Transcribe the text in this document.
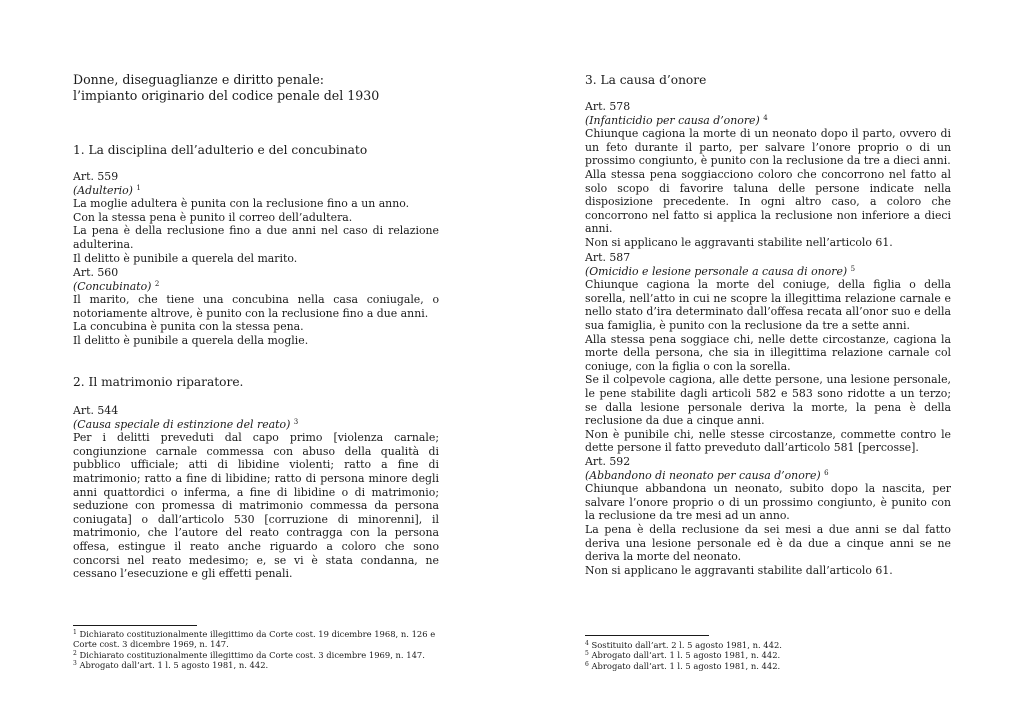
Donne, diseguaglianze e diritto penale:
l’impianto originario del codice penale del 1930
1. La disciplina dell’adulterio e del concubinato
Art. 559
(Adulterio) $^1$

La moglie adultera è punita con la reclusione fino a un anno.

Con la stessa pena è punito il correo dell’adultera.

La pena è della reclusione fino a due anni nel caso di relazione adulterina.

Il delitto è punibile a querela del marito.

Art. 560
(Concubinato) $^2$

Il marito, che tiene una concubina nella casa coniugale, o notoriamente altrove, è punito con la reclusione fino a due anni.

La concubina è punita con la stessa pena.

Il delitto è punibile a querela della moglie.

2. Il matrimonio riparatore.
Art. 544
(Causa speciale di estinzione del reato) $^3$

Per i delitti preveduti dal capo primo [violenza carnale; congiunzione carnale commessa con abuso della qualità di pubblico ufficiale; atti di libidine violenti; ratto a fine di matrimonio; ratto a fine di libidine; ratto di persona minore degli anni quattordici o inferma, a fine di libidine o di matrimonio; seduzione con promessa di matrimonio commessa da persona coniugata] o dall’articolo 530 [corruzione di minorenni], il matrimonio, che l’autore del reato contragga con la persona offesa, estingue il reato anche riguardo a coloro che sono concorsi nel reato medesimo; e, se vi è stata condanna, ne cessano l’esecuzione e gli effetti penali.

$^1$ Dichiarato costituzionalmente illegittimo da Corte cost. 19 dicembre 1968, n. 126 e Corte cost. 3 dicembre 1969, n. 147.

$^2$ Dichiarato costituzionalmente illegittimo da Corte cost. 3 dicembre 1969, n. 147.

$^3$ Abrogato dall’art. 1 l. 5 agosto 1981, n. 442.

3. La causa d’onore
Art. 578
(Infanticidio per causa d’onore) $^4$

Chiunque cagiona la morte di un neonato dopo il parto, ovvero di un feto durante il parto, per salvare l’onore proprio o di un prossimo congiunto, è punito con la reclusione da tre a dieci anni.

Alla stessa pena soggiacciono coloro che concorrono nel fatto al solo scopo di favorire taluna delle persone indicate nella disposizione precedente. In ogni altro caso, a coloro che concorrono nel fatto si applica la reclusione non inferiore a dieci anni.

Non si applicano le aggravanti stabilite nell’articolo 61.

Art. 587
(Omicidio e lesione personale a causa di onore) $^5$

Chiunque cagiona la morte del coniuge, della figlia o della sorella, nell’atto in cui ne scopre la illegittima relazione carnale e nello stato d’ira determinato dall’offesa recata all’onor suo e della sua famiglia, è punito con la reclusione da tre a sette anni.

Alla stessa pena soggiace chi, nelle dette circostanze, cagiona la morte della persona, che sia in illegittima relazione carnale col coniuge, con la figlia o con la sorella.

Se il colpevole cagiona, alle dette persone, una lesione personale, le pene stabilite dagli articoli 582 e 583 sono ridotte a un terzo; se dalla lesione personale deriva la morte, la pena è della reclusione da due a cinque anni.

Non è punibile chi, nelle stesse circostanze, commette contro le dette persone il fatto preveduto dall’articolo 581 [percosse].

Art. 592
(Abbandono di neonato per causa d’onore) $^6$

Chiunque abbandona un neonato, subito dopo la nascita, per salvare l’onore proprio o di un prossimo congiunto, è punito con la reclusione da tre mesi ad un anno.

La pena è della reclusione da sei mesi a due anni se dal fatto deriva una lesione personale ed è da due a cinque anni se ne deriva la morte del neonato.

Non si applicano le aggravanti stabilite dall’articolo 61.

$^4$ Sostituito dall’art. 2 l. 5 agosto 1981, n. 442.

$^5$ Abrogato dall’art. 1 l. 5 agosto 1981, n. 442.

$^6$ Abrogato dall’art. 1 l. 5 agosto 1981, n. 442.
